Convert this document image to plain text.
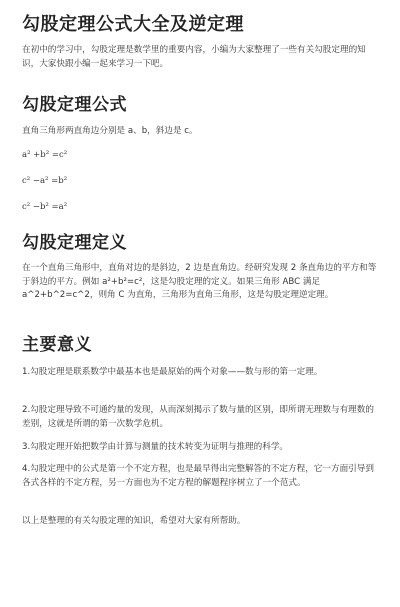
勾股定理公式大全及逆定理

在初中的学习中，勾股定理是数学里的重要内容，小编为大家整理了一些有关勾股定理的知识，大家快跟小编一起来学习一下吧。

勾股定理公式

直角三角形两直角边分别是 a、b，斜边是 c。

a² +b² =c²

c² −a² =b²

c² −b² =a²

勾股定理定义

在一个直角三角形中，直角对边的是斜边，2 边是直角边。经研究发现 2 条直角边的平方和等于斜边的平方。例如 a²+b²=c²，这是勾股定理的定义。如果三角形 ABC 满足 a^2+b^2=c^2，则角 C 为直角，三角形为直角三角形，这是勾股定理逆定理。

主要意义

1.勾股定理是联系数学中最基本也是最原始的两个对象——数与形的第一定理。

2.勾股定理导致不可通约量的发现，从而深刻揭示了数与量的区别，即所谓无理数与有理数的差别，这就是所谓的第一次数学危机。

3.勾股定理开始把数学由计算与测量的技术转变为证明与推理的科学。

4.勾股定理中的公式是第一个不定方程，也是最早得出完整解答的不定方程，它一方面引导到各式各样的不定方程，另一方面也为不定方程的解题程序树立了一个范式。

以上是整理的有关勾股定理的知识，希望对大家有所帮助。
